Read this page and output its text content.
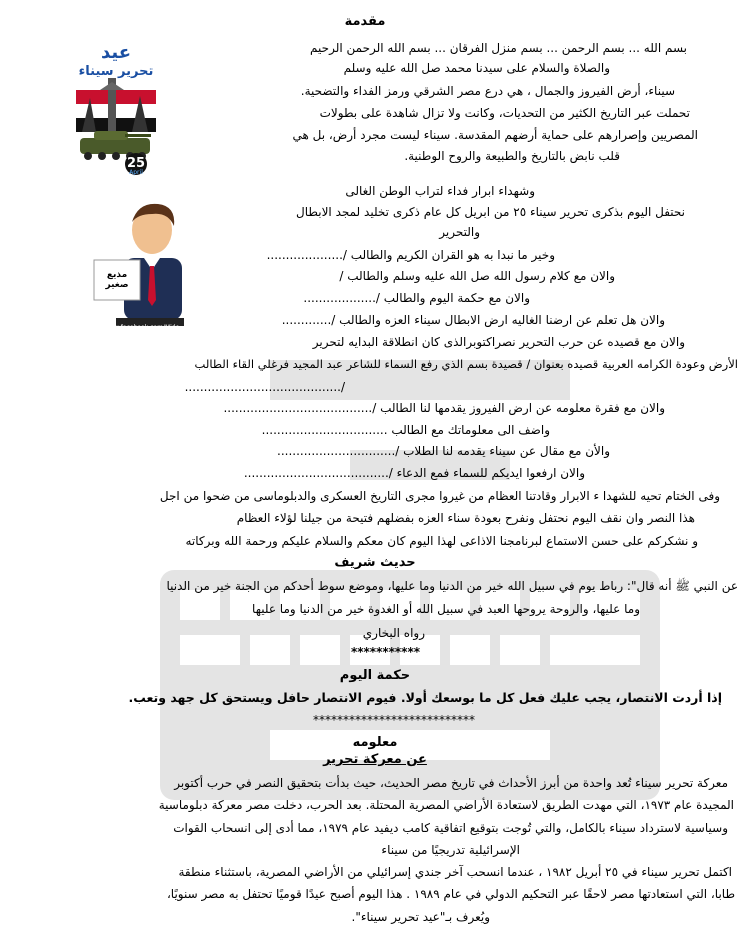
مقدمة
بسم الله ... بسم الرحمن ... بسم منزل الفرقان ... بسم الله الرحمن الرحيم
والصلاة والسلام على سيدنا محمد صل الله عليه وسلم
سيناء، أرض الفيروز والجمال ، هي درع مصر الشرقي ورمز الفداء والتضحية.
تحملت عبر التاريخ الكثير من التحديات، وكانت ولا تزال شاهدة على بطولات
المصريين وإصرارهم على حماية أرضهم المقدسة. سيناء ليست مجرد أرض، بل هي
قلب نابض بالتاريخ والطبيعة والروح الوطنية.
وشهداء ابرار فداء لتراب الوطن الغالى
نحتفل اليوم بذكرى تحرير سيناء ٢٥ من ابريل كل عام ذكرى تخليد لمجد الابطال
والتحرير
وخير ما نبدا به هو القران الكريم والطالب /....................
والان مع كلام رسول الله صل الله عليه وسلم والطالب /
والان مع حكمة اليوم والطالب /...................
والان هل تعلم عن ارضنا الغاليه ارض الابطال سيناء العزه والطالب /.............
والان مع قصيده عن حرب التحرير نصراكتوبرالذى كان انطلاقة البدايه لتحرير
الأرض وعودة الكرامه العربية قصيده بعنوان / قصيدة بسم الذي رفع السماء للشاعر عبد المجيد فرغلي القاء الطالب
/.........................................
والان مع فقرة معلومه عن ارض الفيروز يقدمها لنا الطالب /.......................................
واضف الى معلوماتك مع الطالب .................................
والأن مع مقال عن سيناء يقدمه لنا الطلاب /...............................
والان ارفعوا ايديكم للسماء فمع الدعاء /......................................
وفى الختام تحيه للشهدا ء الابرار وقادتنا العظام من غيروا مجرى التاريخ العسكرى والدبلوماسى من ضحوا من اجل
هذا النصر وان نقف اليوم نحتفل ونفرح بعودة سناء العزه بفضلهم فتيحة من جيلنا لؤلاء العظام
و نشكركم على حسن الاستماع لبرنامجنا الاذاعى لهذا اليوم كان معكم والسلام عليكم ورحمة الله وبركاته
عيد
تحرير سيناء
25
April
مذيع صغير
www.facebook.com/Mido
حديث شريف
عن النبي ﷺ أنه قال": رباط يوم في سبيل الله خير من الدنيا وما عليها، وموضع سوط أحدكم من الجنة خير من الدنيا
وما عليها، والروحة يروحها العبد في سبيل الله أو الغدوة خير من الدنيا وما عليها
رواه البخاري
***********
حكمة اليوم
إذا أردت الانتصار، يجب عليك فعل كل ما بوسعك أولا. فيوم الانتصار حافل ويستحق كل جهد وتعب.
***************************
معلومه
عن معركة تحرير
معركة تحرير سيناء تُعد واحدة من أبرز الأحداث في تاريخ مصر الحديث، حيث بدأت بتحقيق النصر في حرب أكتوبر
المجيدة عام ١٩٧٣، التي مهدت الطريق لاستعادة الأراضي المصرية المحتلة. بعد الحرب، دخلت مصر معركة دبلوماسية
وسياسية لاسترداد سيناء بالكامل، والتي تُوجت بتوقيع اتفاقية كامب ديفيد عام ١٩٧٩، مما أدى إلى انسحاب القوات
الإسرائيلية تدريجيًا من سيناء
اكتمل تحرير سيناء في ٢٥ أبريل ١٩٨٢ ، عندما انسحب آخر جندي إسرائيلي من الأراضي المصرية، باستثناء منطقة
طابا، التي استعادتها مصر لاحقًا عبر التحكيم الدولي في عام ١٩٨٩ . هذا اليوم أصبح عيدًا قوميًا تحتفل به مصر سنويًا،
ويُعرف بـ"عيد تحرير سيناء".
